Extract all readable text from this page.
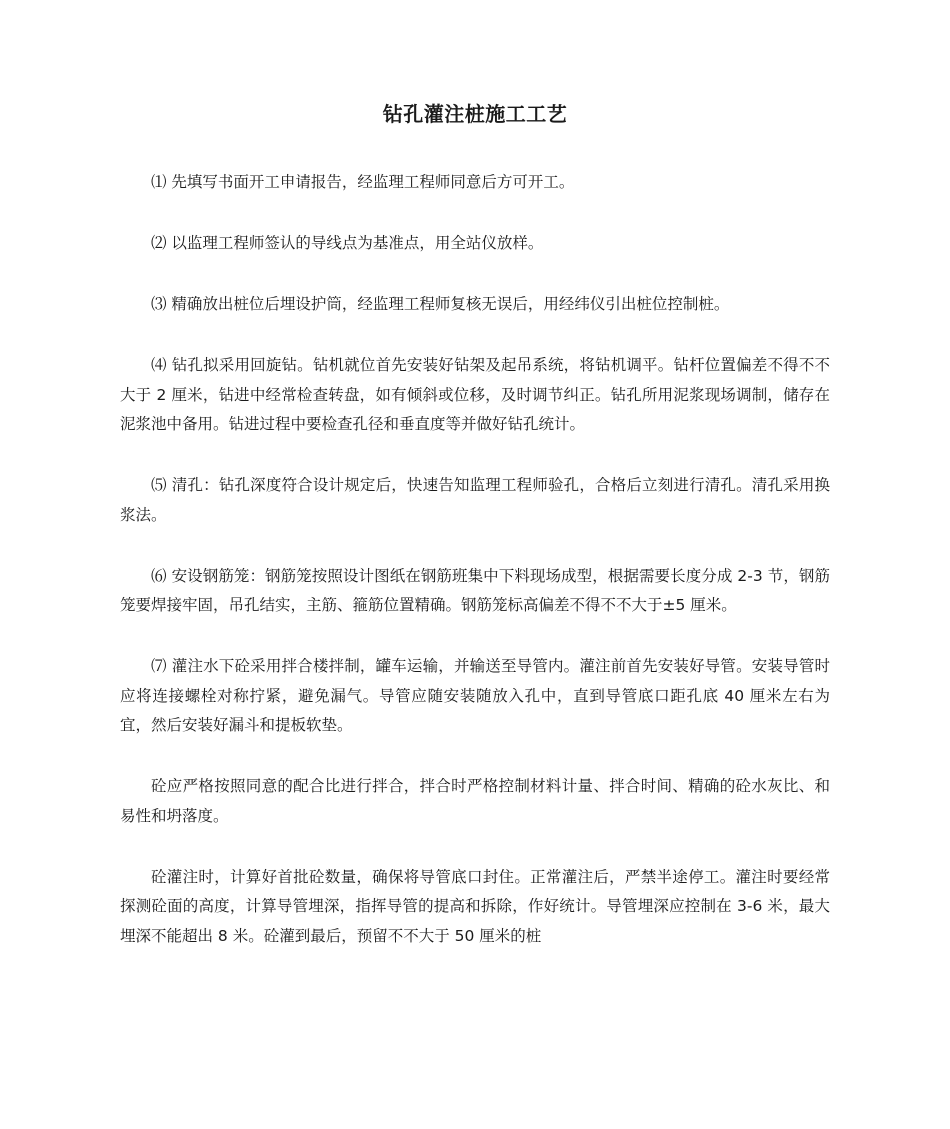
钻孔灌注桩施工工艺

⑴ 先填写书面开工申请报告，经监理工程师同意后方可开工。

⑵ 以监理工程师签认的导线点为基准点，用全站仪放样。

⑶ 精确放出桩位后埋设护筒，经监理工程师复核无误后，用经纬仪引出桩位控制桩。

⑷ 钻孔拟采用回旋钻。钻机就位首先安装好钻架及起吊系统，将钻机调平。钻杆位置偏差不得不不大于 2 厘米，钻进中经常检查转盘，如有倾斜或位移，及时调节纠正。钻孔所用泥浆现场调制，储存在泥浆池中备用。钻进过程中要检查孔径和垂直度等并做好钻孔统计。

⑸ 清孔：钻孔深度符合设计规定后，快速告知监理工程师验孔，合格后立刻进行清孔。清孔采用换浆法。

⑹ 安设钢筋笼：钢筋笼按照设计图纸在钢筋班集中下料现场成型，根据需要长度分成 2-3 节，钢筋笼要焊接牢固，吊孔结实，主筋、箍筋位置精确。钢筋笼标高偏差不得不不大于±5 厘米。

⑺ 灌注水下砼采用拌合楼拌制，罐车运输，并输送至导管内。灌注前首先安装好导管。安装导管时应将连接螺栓对称拧紧，避免漏气。导管应随安装随放入孔中，直到导管底口距孔底 40 厘米左右为宜，然后安装好漏斗和提板软垫。

砼应严格按照同意的配合比进行拌合，拌合时严格控制材料计量、拌合时间、精确的砼水灰比、和易性和坍落度。

砼灌注时，计算好首批砼数量，确保将导管底口封住。正常灌注后，严禁半途停工。灌注时要经常探测砼面的高度，计算导管埋深，指挥导管的提高和拆除，作好统计。导管埋深应控制在 3-6 米，最大埋深不能超出 8 米。砼灌到最后，预留不不大于 50 厘米的桩
